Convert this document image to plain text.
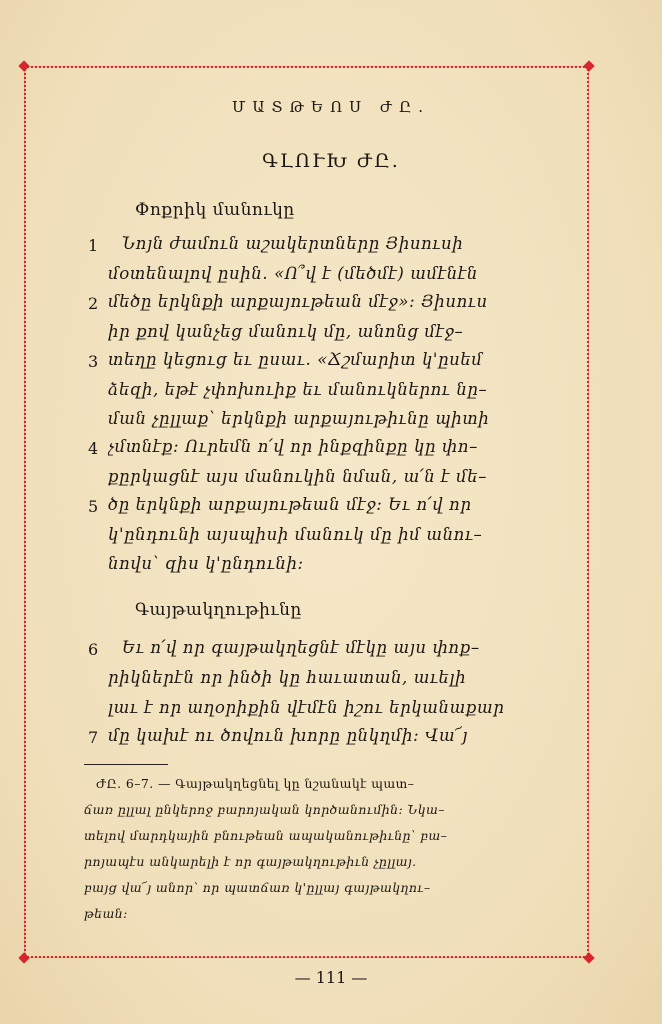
ՄԱՏԹԵՈՍ ԺԸ.
ԳԼՈՒԽ ԺԸ.
Փոքրիկ մանուկը
1 Նոյն ժամուն աշակերտները Յիսուսի
մօտենալով ըսին. «Ո՞վ է (մեծմէ) ամէնէն
2 մեծը երկնքի արքայութեան մէջ»: Յիսուս
իր քով կանչեց մանուկ մը, անոնց մէջ–
3 տեղը կեցուց եւ ըսաւ. «Ճշմարիտ կ'ըսեմ
ձեզի, եթէ չփոխուիք եւ մանուկներու նը–
ման չըլլաք՝ երկնքի արքայութիւնը պիտի
4 չմտնէք: Ուրեմն ո՛վ որ ինքզինքը կը փո–
քըրկացնէ այս մանուկին նման, ա՛ն է մե–
5 ծը երկնքի արքայութեան մէջ: Եւ ո՛վ որ
կ'ընդունի այսպիսի մանուկ մը իմ անու–
նովս՝ զիս կ'ընդունի:
Գայթակղութիւնը
6 Եւ ո՛վ որ գայթակղեցնէ մէկը այս փոք–
րիկներէն որ ինծի կը հաւատան, աւելի
լաւ է որ աղօրիքին վէմէն իշու երկանաքար
7 մը կախէ ու ծովուն խորը ընկղմի: Վա՜յ
ԺԸ. 6–7. — Գայթակղեցնել կը նշանակէ պատ–
ճառ ըլլալ ընկերոջ բարոյական կործանումին: Նկա–
տելով մարդկային բնութեան ապականութիւնը՝ բա–
րոյապէս անկարելի է որ գայթակղութիւն չըլլայ.
բայց վա՜յ անոր՝ որ պատճառ կ'ըլլայ գայթակղու–
թեան:
— 111 —
